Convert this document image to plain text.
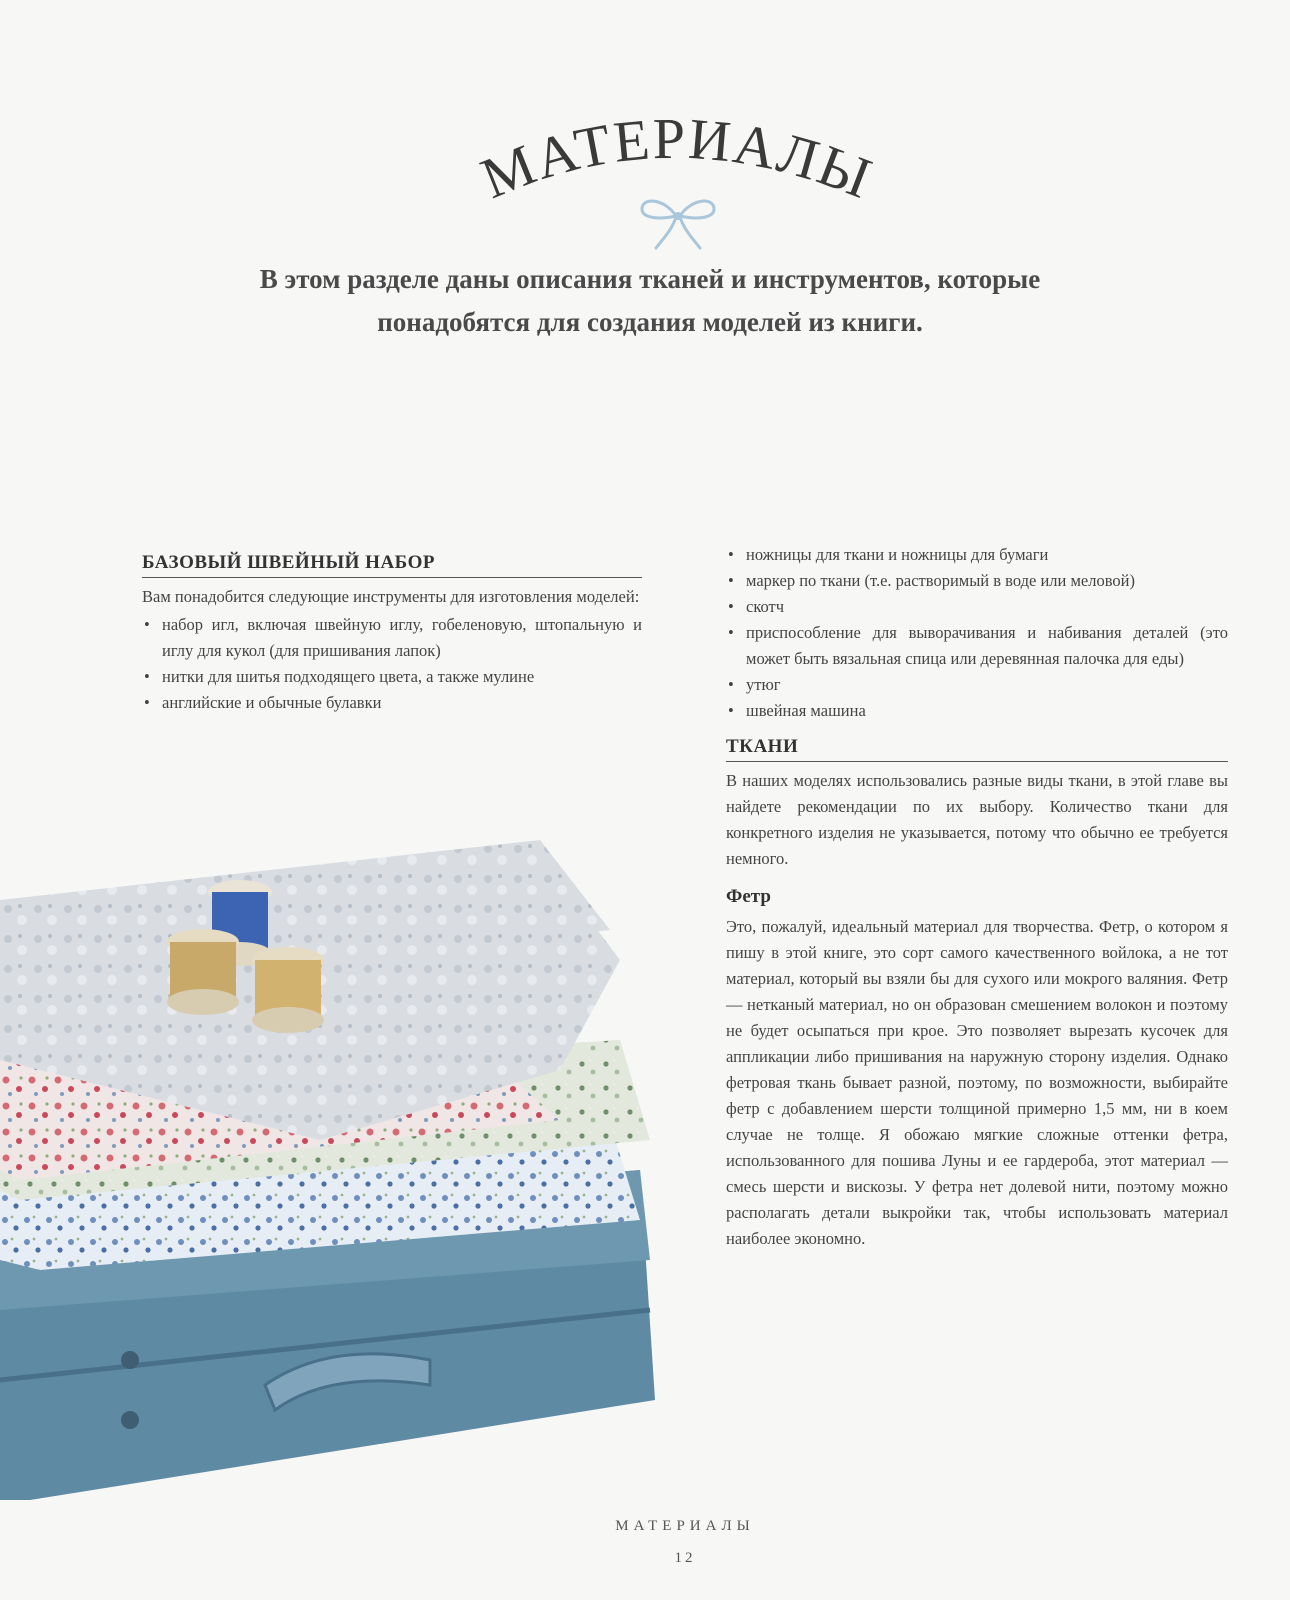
МАТЕРИАЛЫ
В этом разделе даны описания тканей и инструментов, которые
понадобятся для создания моделей из книги.
БАЗОВЫЙ ШВЕЙНЫЙ НАБОР

Вам понадобится следующие инструменты для изготовления моделей:

• набор игл, включая швейную иглу, гобеленовую, штопальную и иглу для кукол (для пришивания лапок)
• нитки для шитья подходящего цвета, а также мулине
• английские и обычные булавки
• ножницы для ткани и ножницы для бумаги
• маркер по ткани (т.е. растворимый в воде или меловой)
• скотч
• приспособление для выворачивания и набивания деталей (это может быть вязальная спица или деревянная палочка для еды)
• утюг
• швейная машина
ТКАНИ

В наших моделях использовались разные виды ткани, в этой главе вы найдете рекомендации по их выбору. Количество ткани для конкретного изделия не указывается, потому что обычно ее требуется немного.

Фетр

Это, пожалуй, идеальный материал для творчества. Фетр, о котором я пишу в этой книге, это сорт самого качественного войлока, а не тот материал, который вы взяли бы для сухого или мокрого валяния. Фетр — нетканый материал, но он образован смешением волокон и поэтому не будет осыпаться при крое. Это позволяет вырезать кусочек для аппликации либо пришивания на наружную сторону изделия. Однако фетровая ткань бывает разной, поэтому, по возможности, выбирайте фетр с добавлением шерсти толщиной примерно 1,5 мм, ни в коем случае не толще. Я обожаю мягкие сложные оттенки фетра, использованного для пошива Луны и ее гардероба, этот материал — смесь шерсти и вискозы. У фетра нет долевой нити, поэтому можно располагать детали выкройки так, чтобы использовать материал наиболее экономно.

МАТЕРИАЛЫ
12
